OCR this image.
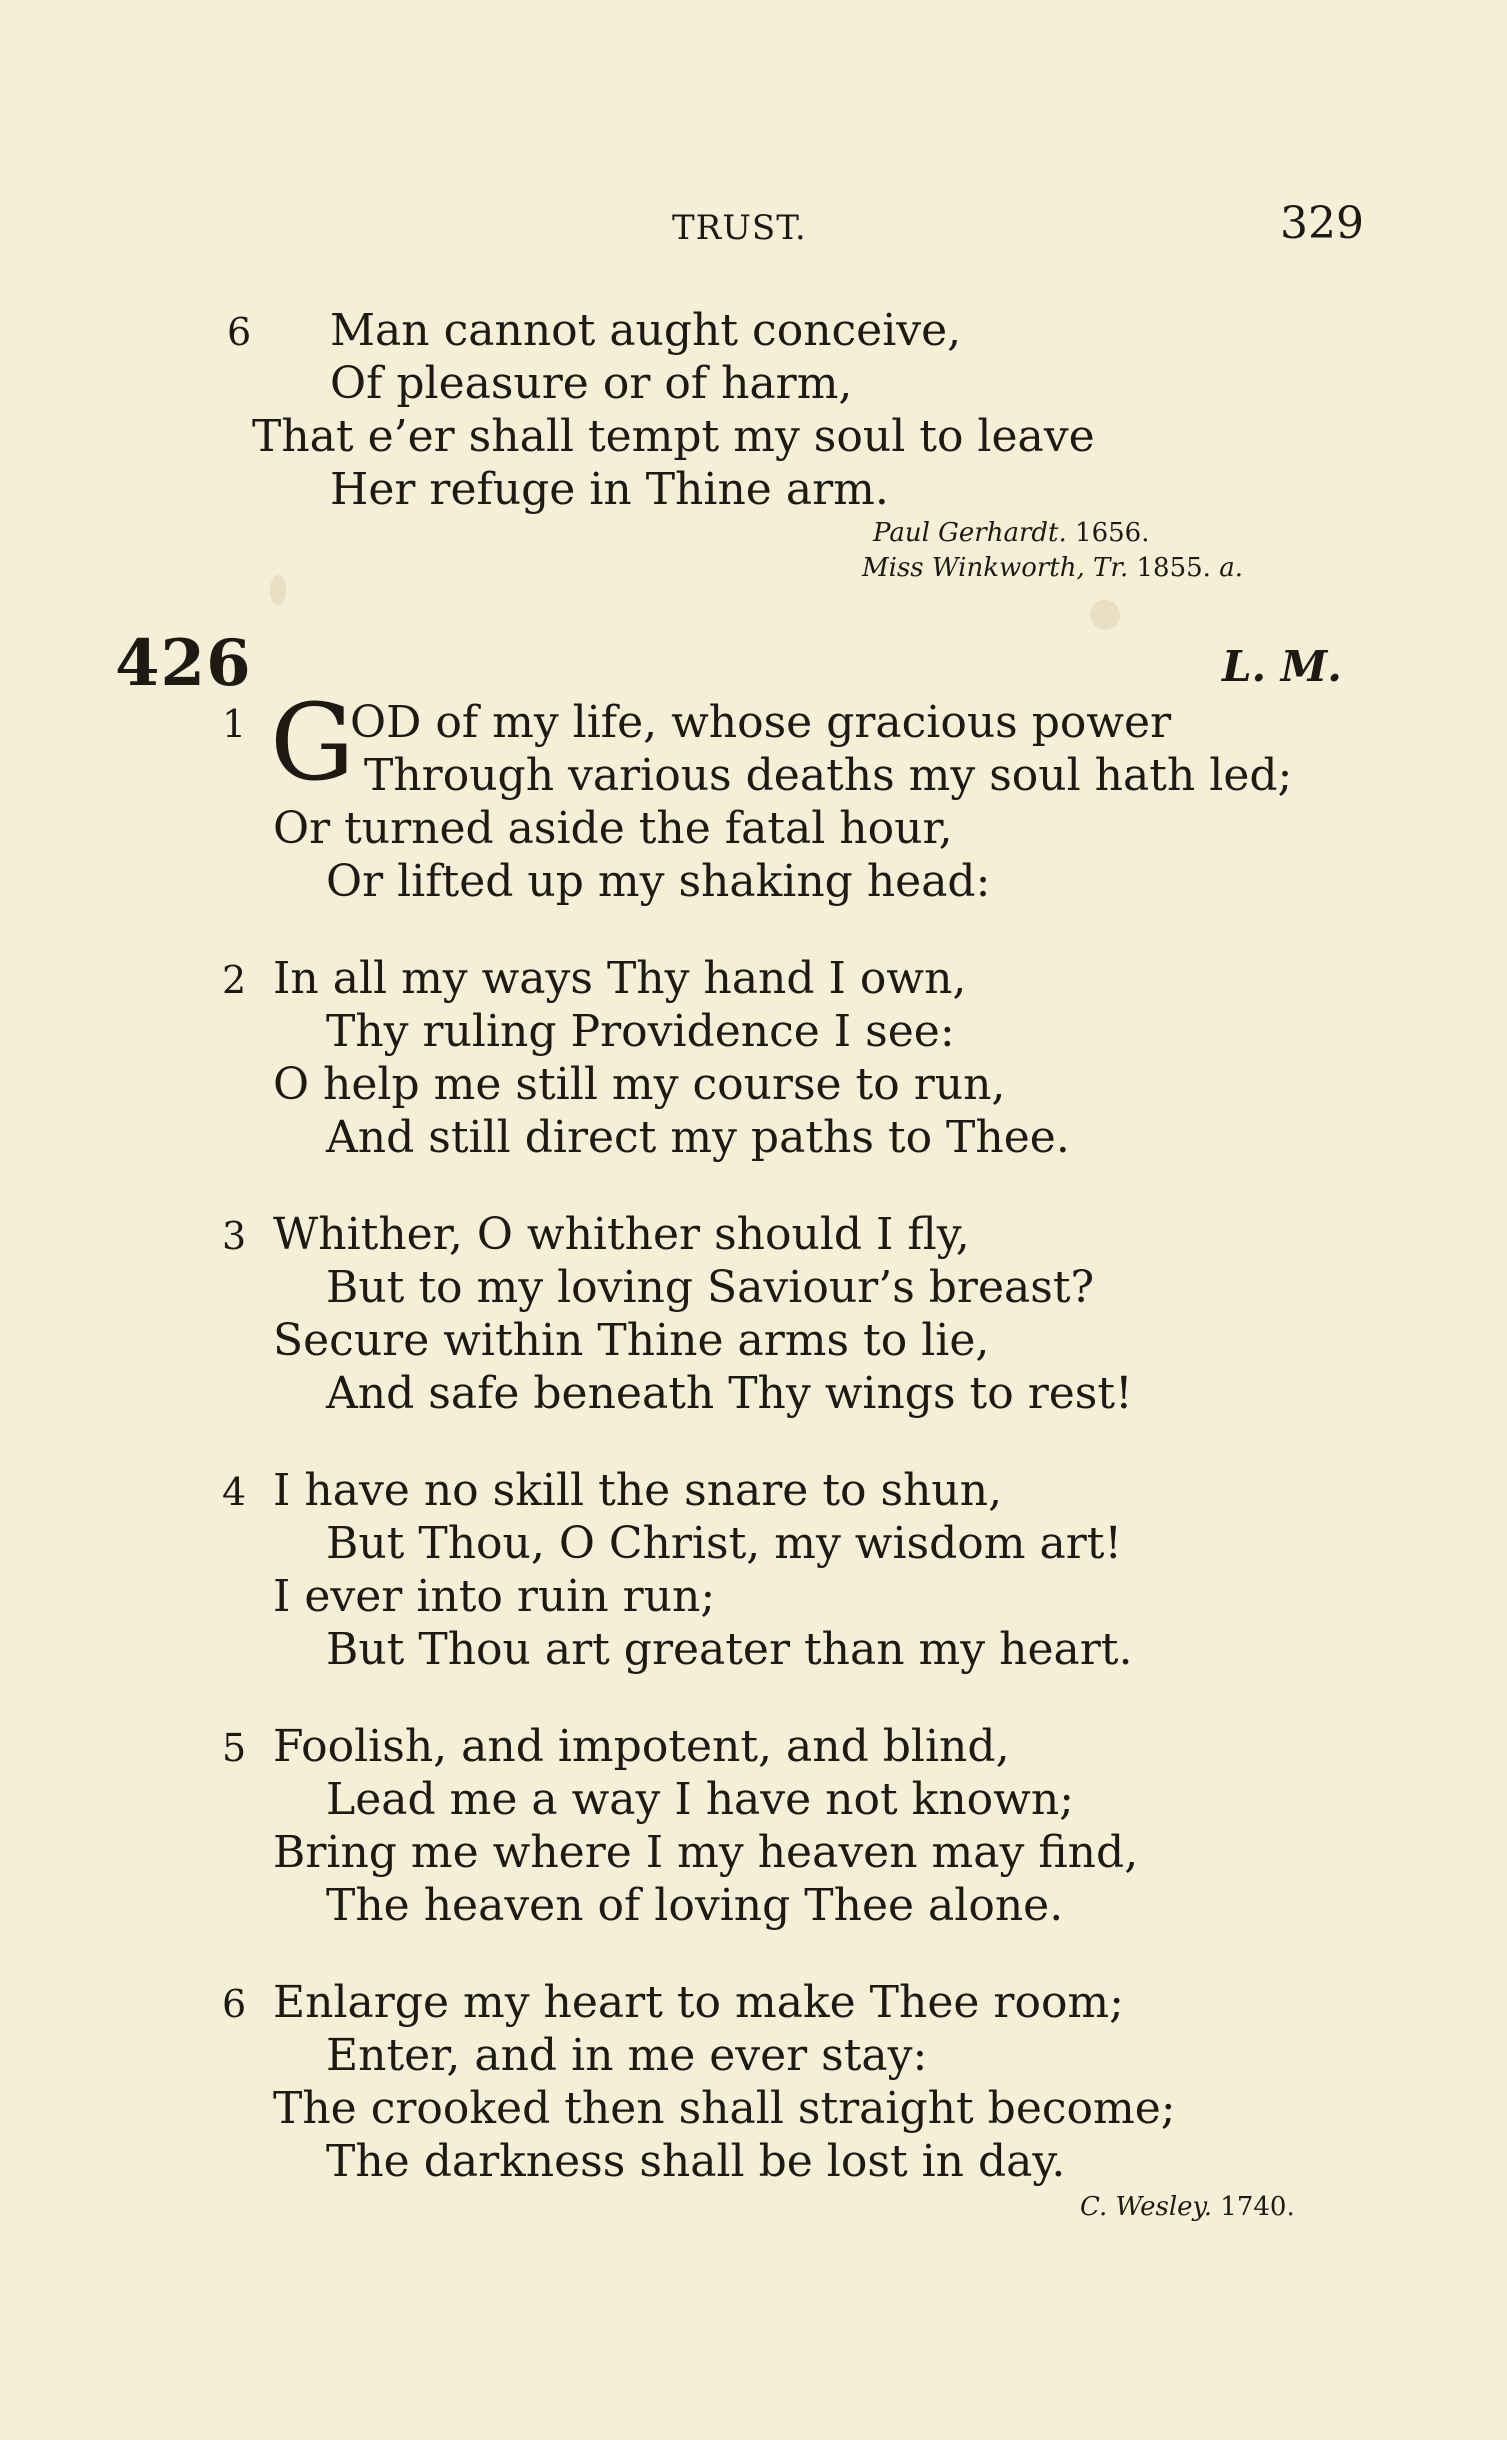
TRUST.	329
6 Man cannot aught conceive,
Of pleasure or of harm,
That e’er shall tempt my soul to leave
Her refuge in Thine arm.
Paul Gerhardt. 1656.
Miss Winkworth, Tr. 1855. a.
426	L. M.
1 G
OD of my life, whose gracious power
Through various deaths my soul hath led;
Or turned aside the fatal hour,
Or lifted up my shaking head:
2 In all my ways Thy hand I own,
Thy ruling Providence I see:
O help me still my course to run,
And still direct my paths to Thee.
3 Whither, O whither should I fly,
But to my loving Saviour’s breast?
Secure within Thine arms to lie,
And safe beneath Thy wings to rest!
4 I have no skill the snare to shun,
But Thou, O Christ, my wisdom art!
I ever into ruin run;
But Thou art greater than my heart.
5 Foolish, and impotent, and blind,
Lead me a way I have not known;
Bring me where I my heaven may find,
The heaven of loving Thee alone.
6 Enlarge my heart to make Thee room;
Enter, and in me ever stay:
The crooked then shall straight become;
The darkness shall be lost in day.
C. Wesley. 1740.
